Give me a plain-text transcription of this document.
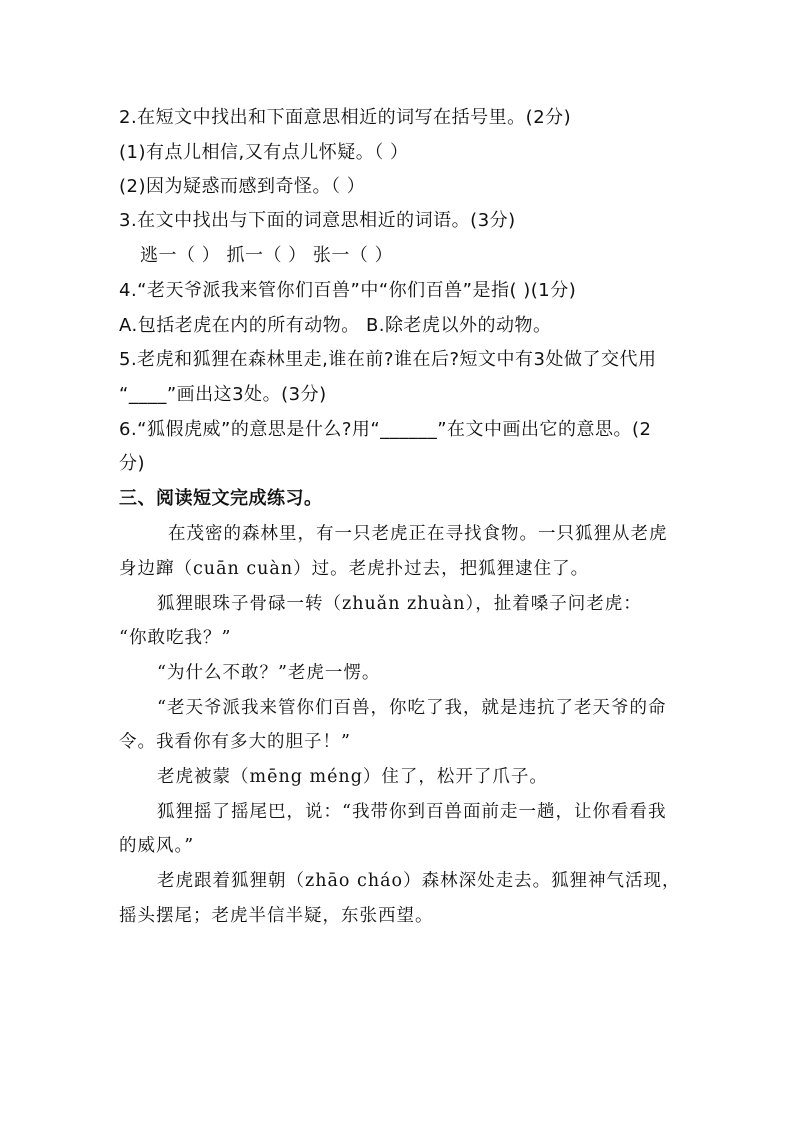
2.在短文中找出和下面意思相近的词写在括号里。(2分)
(1)有点儿相信,又有点儿怀疑。（ ）
(2)因为疑惑而感到奇怪。（ ）
3.在文中找出与下面的词意思相近的词语。(3分)
逃一（ ） 抓一（ ） 张一（ ）
4.“老天爷派我来管你们百兽”中“你们百兽”是指( )(1分)
A.包括老虎在内的所有动物。 B.除老虎以外的动物。
5.老虎和狐狸在森林里走,谁在前?谁在后?短文中有3处做了交代用
“____”画出这3处。(3分)
6.“狐假虎威”的意思是什么?用“______”在文中画出它的意思。(2
分)
三、阅读短文完成练习。
在茂密的森林里，有一只老虎正在寻找食物。一只狐狸从老虎
身边蹿（cuān cuàn）过。老虎扑过去，把狐狸逮住了。
狐狸眼珠子骨碌一转（zhuǎn zhuàn），扯着嗓子问老虎：
“你敢吃我？”
“为什么不敢？”老虎一愣。
“老天爷派我来管你们百兽，你吃了我，就是违抗了老天爷的命
令。我看你有多大的胆子！”
老虎被蒙（mēng méng）住了，松开了爪子。
狐狸摇了摇尾巴，说：“我带你到百兽面前走一趟，让你看看我
的威风。”
老虎跟着狐狸朝（zhāo cháo）森林深处走去。狐狸神气活现，
摇头摆尾；老虎半信半疑，东张西望。
